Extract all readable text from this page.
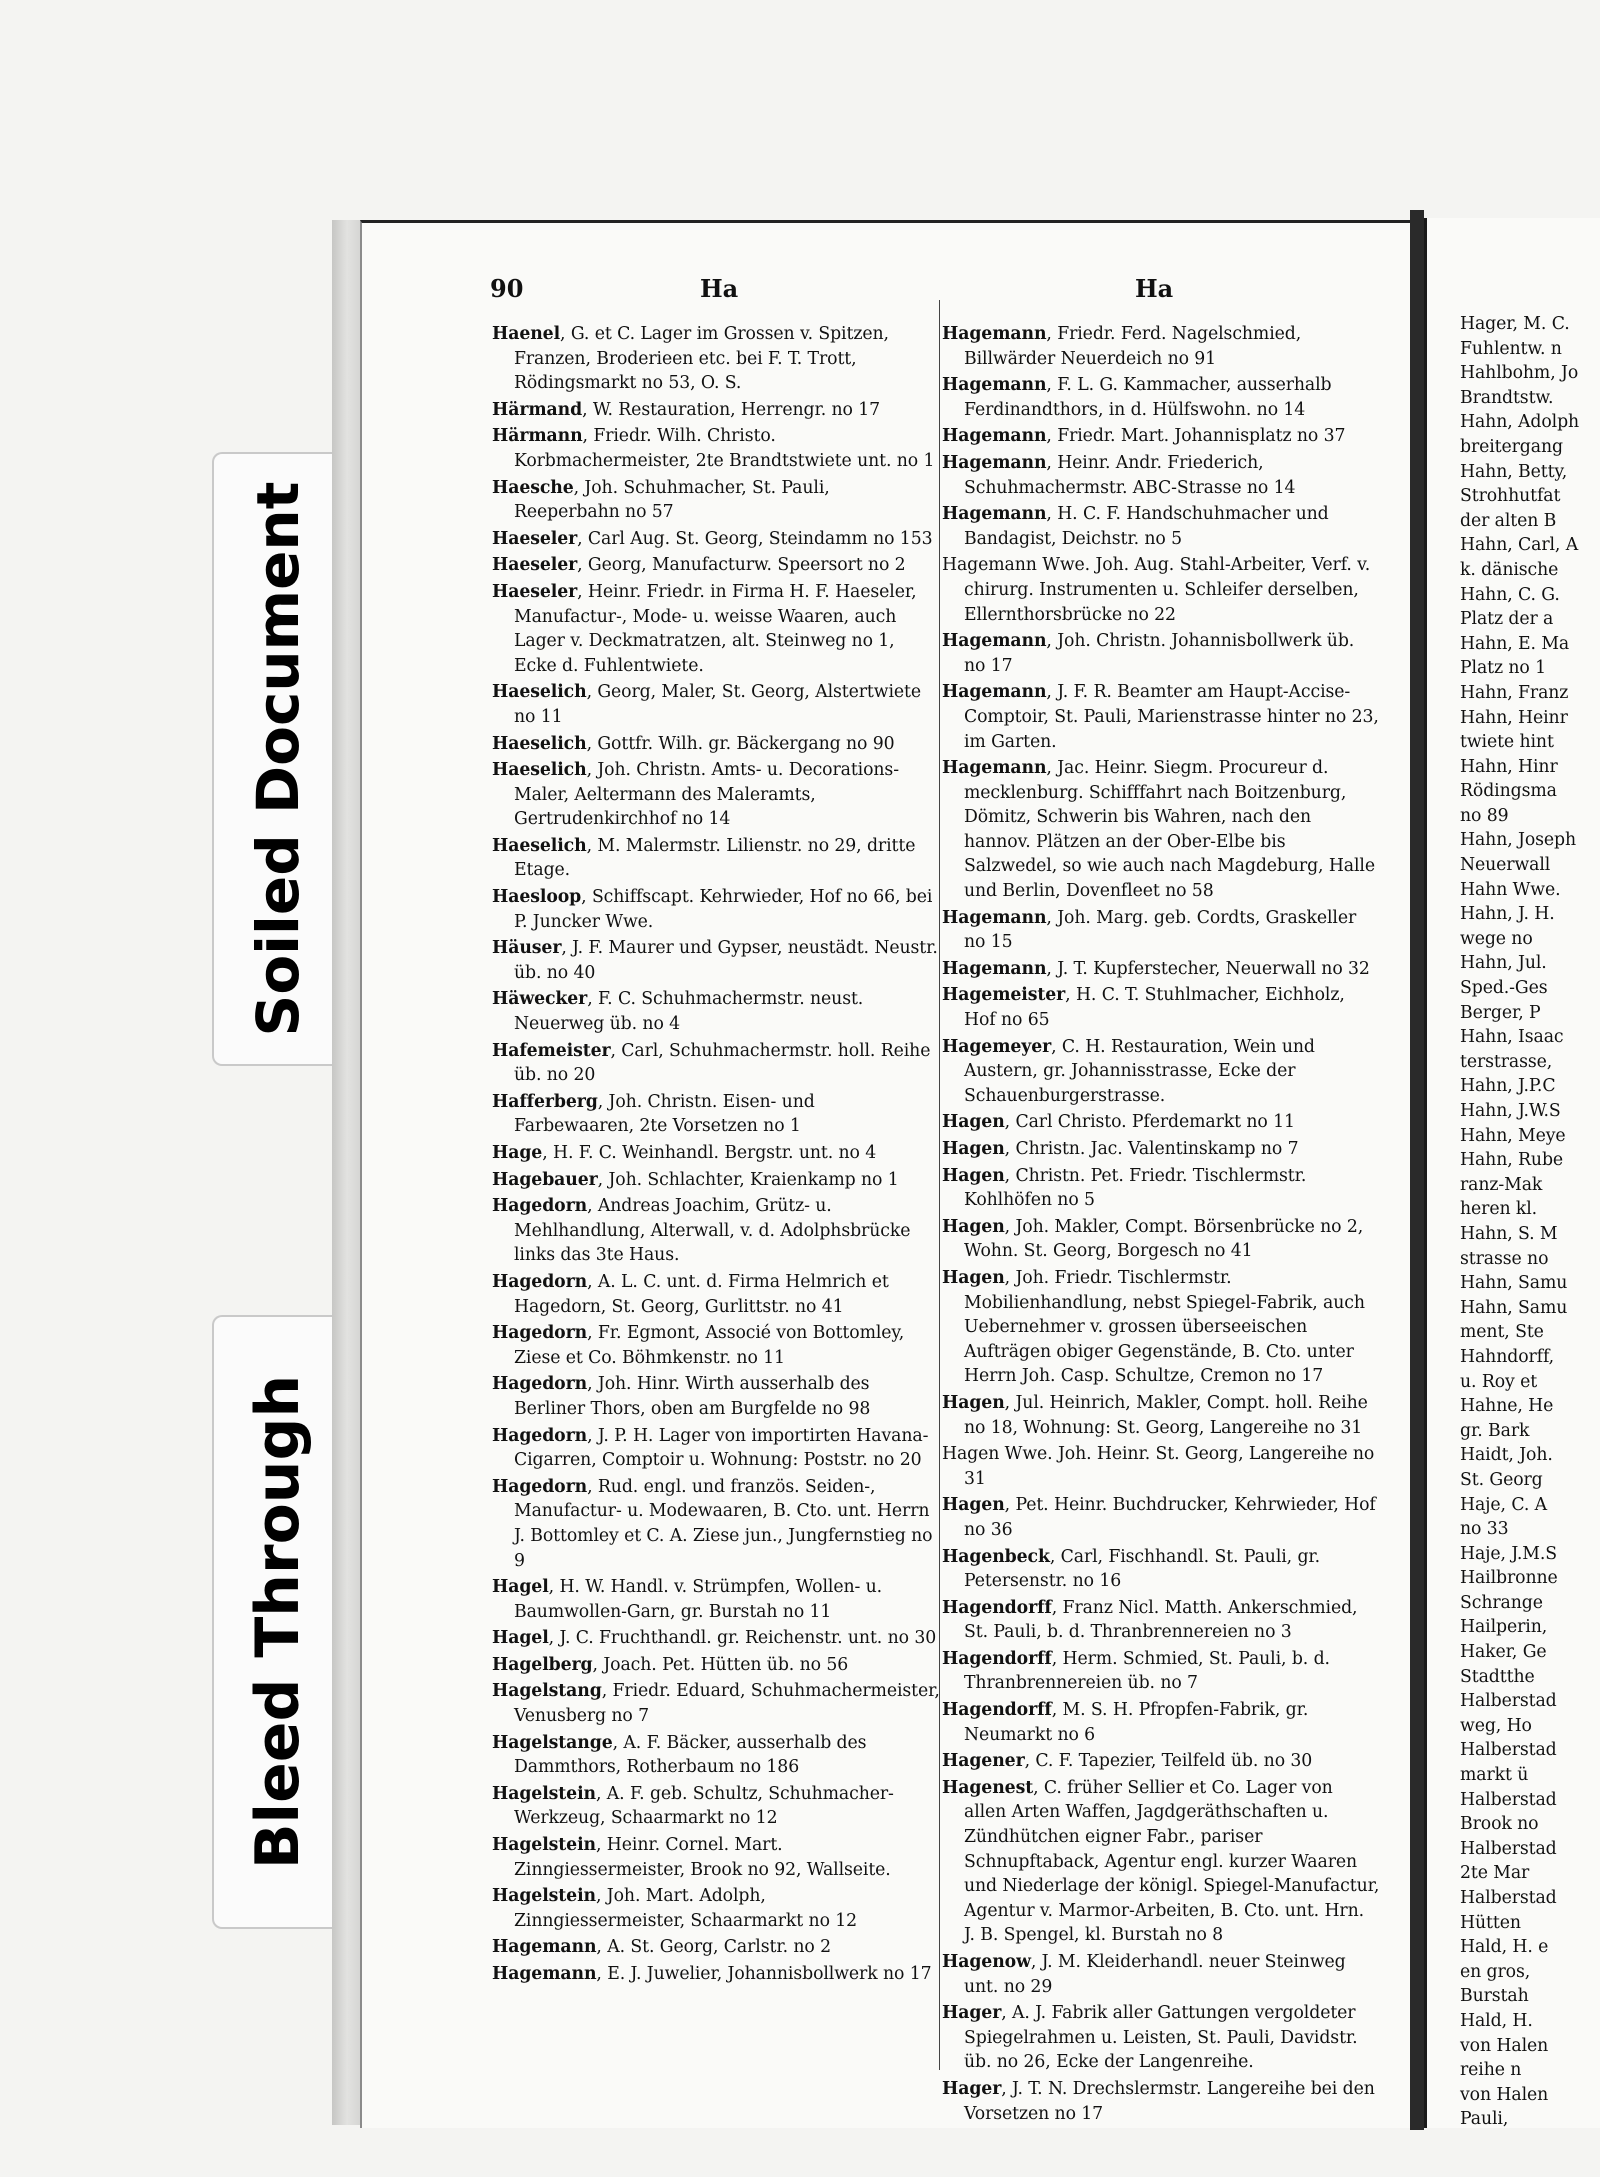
Soiled Document
Bleed Through
90	Ha	Ha
Haenel, G. et C. Lager im Grossen v. Spitzen, Franzen, Broderieen etc. bei F. T. Trott, Rödingsmarkt no 53, O. S.
Härmand, W. Restauration, Herrengr. no 17
Härmann, Friedr. Wilh. Christo. Korbmachermeister, 2te Brandtstwiete unt. no 1
Haesche, Joh. Schuhmacher, St. Pauli, Reeperbahn no 57
Haeseler, Carl Aug. St. Georg, Steindamm no 153
Haeseler, Georg, Manufacturw. Speersort no 2
Haeseler, Heinr. Friedr. in Firma H. F. Haeseler, Manufactur-, Mode- u. weisse Waaren, auch Lager v. Deckmatratzen, alt. Steinweg no 1, Ecke d. Fuhlentwiete.
Haeselich, Georg, Maler, St. Georg, Alstertwiete no 11
Haeselich, Gottfr. Wilh. gr. Bäckergang no 90
Haeselich, Joh. Christn. Amts- u. Decorations-Maler, Aeltermann des Maleramts, Gertrudenkirchhof no 14
Haeselich, M. Malermstr. Lilienstr. no 29, dritte Etage.
Haesloop, Schiffscapt. Kehrwieder, Hof no 66, bei P. Juncker Wwe.
Häuser, J. F. Maurer und Gypser, neustädt. Neustr. üb. no 40
Häwecker, F. C. Schuhmachermstr. neust. Neuerweg üb. no 4
Hafemeister, Carl, Schuhmachermstr. holl. Reihe üb. no 20
Hafferberg, Joh. Christn. Eisen- und Farbewaaren, 2te Vorsetzen no 1
Hage, H. F. C. Weinhandl. Bergstr. unt. no 4
Hagebauer, Joh. Schlachter, Kraienkamp no 1
Hagedorn, Andreas Joachim, Grütz- u. Mehlhandlung, Alterwall, v. d. Adolphsbrücke links das 3te Haus.
Hagedorn, A. L. C. unt. d. Firma Helmrich et Hagedorn, St. Georg, Gurlittstr. no 41
Hagedorn, Fr. Egmont, Associé von Bottomley, Ziese et Co. Böhmkenstr. no 11
Hagedorn, Joh. Hinr. Wirth ausserhalb des Berliner Thors, oben am Burgfelde no 98
Hagedorn, J. P. H. Lager von importirten Havana-Cigarren, Comptoir u. Wohnung: Poststr. no 20
Hagedorn, Rud. engl. und französ. Seiden-, Manufactur- u. Modewaaren, B. Cto. unt. Herrn J. Bottomley et C. A. Ziese jun., Jungfernstieg no 9
Hagel, H. W. Handl. v. Strümpfen, Wollen- u. Baumwollen-Garn, gr. Burstah no 11
Hagel, J. C. Fruchthandl. gr. Reichenstr. unt. no 30
Hagelberg, Joach. Pet. Hütten üb. no 56
Hagelstang, Friedr. Eduard, Schuhmachermeister, Venusberg no 7
Hagelstange, A. F. Bäcker, ausserhalb des Dammthors, Rotherbaum no 186
Hagelstein, A. F. geb. Schultz, Schuhmacher-Werkzeug, Schaarmarkt no 12
Hagelstein, Heinr. Cornel. Mart. Zinngiessermeister, Brook no 92, Wallseite.
Hagelstein, Joh. Mart. Adolph, Zinngiessermeister, Schaarmarkt no 12
Hagemann, A. St. Georg, Carlstr. no 2
Hagemann, E. J. Juwelier, Johannisbollwerk no 17
Hagemann, Friedr. Ferd. Nagelschmied, Billwärder Neuerdeich no 91
Hagemann, F. L. G. Kammacher, ausserhalb Ferdinandthors, in d. Hülfswohn. no 14
Hagemann, Friedr. Mart. Johannisplatz no 37
Hagemann, Heinr. Andr. Friederich, Schuhmachermstr. ABC-Strasse no 14
Hagemann, H. C. F. Handschuhmacher und Bandagist, Deichstr. no 5
Hagemann Wwe. Joh. Aug. Stahl-Arbeiter, Verf. v. chirurg. Instrumenten u. Schleifer derselben, Ellernthorsbrücke no 22
Hagemann, Joh. Christn. Johannisbollwerk üb. no 17
Hagemann, J. F. R. Beamter am Haupt-Accise-Comptoir, St. Pauli, Marienstrasse hinter no 23, im Garten.
Hagemann, Jac. Heinr. Siegm. Procureur d. mecklenburg. Schifffahrt nach Boitzenburg, Dömitz, Schwerin bis Wahren, nach den hannov. Plätzen an der Ober-Elbe bis Salzwedel, so wie auch nach Magdeburg, Halle und Berlin, Dovenfleet no 58
Hagemann, Joh. Marg. geb. Cordts, Graskeller no 15
Hagemann, J. T. Kupferstecher, Neuerwall no 32
Hagemeister, H. C. T. Stuhlmacher, Eichholz, Hof no 65
Hagemeyer, C. H. Restauration, Wein und Austern, gr. Johannisstrasse, Ecke der Schauenburgerstrasse.
Hagen, Carl Christo. Pferdemarkt no 11
Hagen, Christn. Jac. Valentinskamp no 7
Hagen, Christn. Pet. Friedr. Tischlermstr. Kohlhöfen no 5
Hagen, Joh. Makler, Compt. Börsenbrücke no 2, Wohn. St. Georg, Borgesch no 41
Hagen, Joh. Friedr. Tischlermstr. Mobilienhandlung, nebst Spiegel-Fabrik, auch Uebernehmer v. grossen überseeischen Aufträgen obiger Gegenstände, B. Cto. unter Herrn Joh. Casp. Schultze, Cremon no 17
Hagen, Jul. Heinrich, Makler, Compt. holl. Reihe no 18, Wohnung: St. Georg, Langereihe no 31
Hagen Wwe. Joh. Heinr. St. Georg, Langereihe no 31
Hagen, Pet. Heinr. Buchdrucker, Kehrwieder, Hof no 36
Hagenbeck, Carl, Fischhandl. St. Pauli, gr. Petersenstr. no 16
Hagendorff, Franz Nicl. Matth. Ankerschmied, St. Pauli, b. d. Thranbrennereien no 3
Hagendorff, Herm. Schmied, St. Pauli, b. d. Thranbrennereien üb. no 7
Hagendorff, M. S. H. Pfropfen-Fabrik, gr. Neumarkt no 6
Hagener, C. F. Tapezier, Teilfeld üb. no 30
Hagenest, C. früher Sellier et Co. Lager von allen Arten Waffen, Jagdgeräthschaften u. Zündhütchen eigner Fabr., pariser Schnupftaback, Agentur engl. kurzer Waaren und Niederlage der königl. Spiegel-Manufactur, Agentur v. Marmor-Arbeiten, B. Cto. unt. Hrn. J. B. Spengel, kl. Burstah no 8
Hagenow, J. M. Kleiderhandl. neuer Steinweg unt. no 29
Hager, A. J. Fabrik aller Gattungen vergoldeter Spiegelrahmen u. Leisten, St. Pauli, Davidstr. üb. no 26, Ecke der Langenreihe.
Hager, J. T. N. Drechslermstr. Langereihe bei den Vorsetzen no 17
Hager, M. C.
Fuhlentw. n
Hahlbohm, Jo
Brandtstw.
Hahn, Adolph
breitergang
Hahn, Betty,
Strohhutfat
der alten B
Hahn, Carl, A
k. dänische
Hahn, C. G.
Platz der a
Hahn, E. Ma
Platz no 1
Hahn, Franz
Hahn, Heinr
twiete hint
Hahn, Hinr
Rödingsma
no 89
Hahn, Joseph
Neuerwall
Hahn Wwe.
Hahn, J. H.
wege no
Hahn, Jul.
Sped.-Ges
Berger, P
Hahn, Isaac
terstrasse,
Hahn, J.P.C
Hahn, J.W.S
Hahn, Meye
Hahn, Rube
ranz-Mak
heren kl.
Hahn, S. M
strasse no
Hahn, Samu
Hahn, Samu
ment, Ste
Hahndorff,
u. Roy et
Hahne, He
gr. Bark
Haidt, Joh.
St. Georg
Haje, C. A
no 33
Haje, J.M.S
Hailbronne
Schrange
Hailperin,
Haker, Ge
Stadtthe
Halberstad
weg, Ho
Halberstad
markt ü
Halberstad
Brook no
Halberstad
2te Mar
Halberstad
Hütten
Hald, H. e
en gros,
Burstah
Hald, H.
von Halen
reihe n
von Halen
Pauli,
